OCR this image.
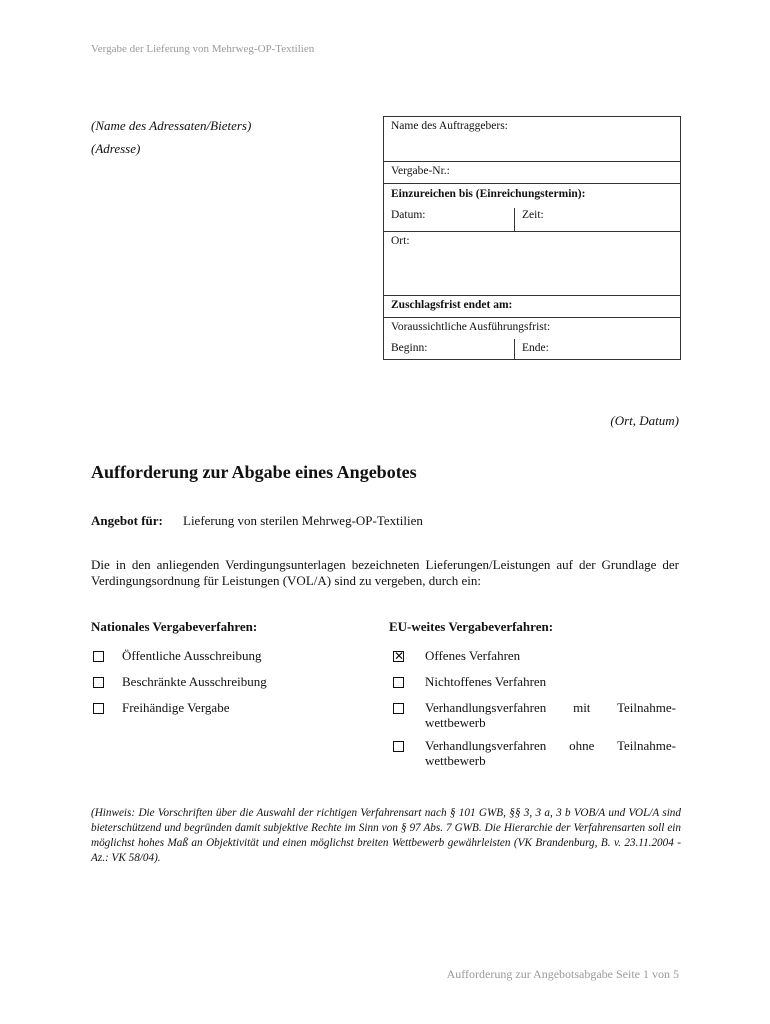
Vergabe der Lieferung von Mehrweg-OP-Textilien
(Name des Adressaten/Bieters)
(Adresse)
Name des Auftraggebers:
Vergabe-Nr.:
Einzureichen bis (Einreichungstermin):
Datum:	Zeit:
Ort:
Zuschlagsfrist endet am:
Voraussichtliche Ausführungsfrist:
Beginn:	Ende:
(Ort, Datum)
Aufforderung zur Abgabe eines Angebotes
Angebot für: Lieferung von sterilen Mehrweg-OP-Textilien
Die in den anliegenden Verdingungsunterlagen bezeichneten Lieferungen/Leistungen auf der Grundlage der Verdingungsordnung für Leistungen (VOL/A) sind zu vergeben, durch ein:
Nationales Vergabeverfahren:	EU-weites Vergabeverfahren:
Öffentliche Ausschreibung
Beschränkte Ausschreibung
Freihändige Vergabe
✕ Offenes Verfahren
Nichtoffenes Verfahren
Verhandlungsverfahren mit Teilnahme-
wettbewerb
Verhandlungsverfahren ohne Teilnahme-
wettbewerb
(Hinweis: Die Vorschriften über die Auswahl der richtigen Verfahrensart nach § 101 GWB, §§ 3, 3 a, 3 b VOB/A und VOL/A sind bieterschützend und begründen damit subjektive Rechte im Sinn von § 97 Abs. 7 GWB. Die Hierarchie der Verfahrensarten soll ein möglichst hohes Maß an Objektivität und einen möglichst breiten Wettbewerb gewährleisten (VK Brandenburg, B. v. 23.11.2004 - Az.: VK 58/04).
Aufforderung zur Angebotsabgabe Seite 1 von 5
